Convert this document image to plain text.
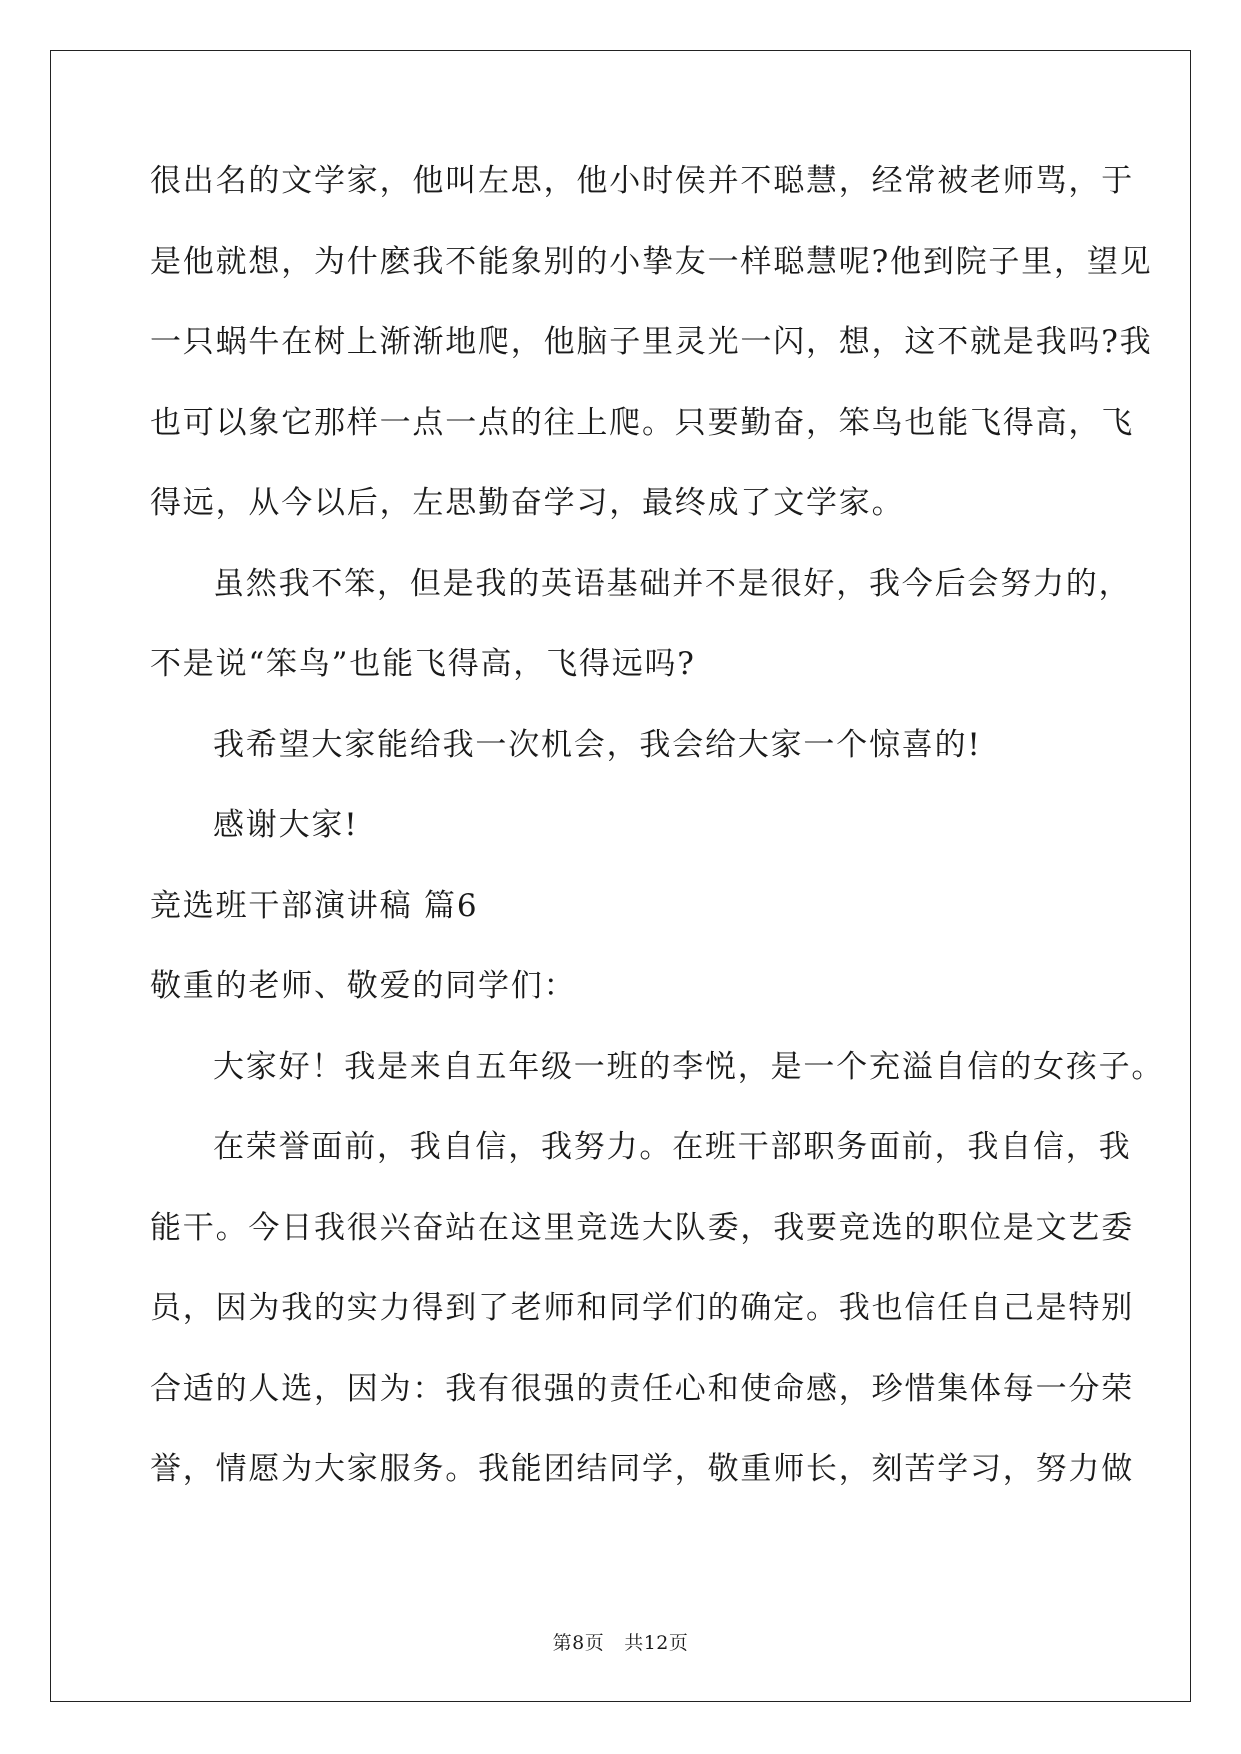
很出名的文学家，他叫左思，他小时侯并不聪慧，经常被老师骂，于
是他就想，为什麽我不能象别的小挚友一样聪慧呢?他到院子里，望见
一只蜗牛在树上渐渐地爬，他脑子里灵光一闪，想，这不就是我吗?我
也可以象它那样一点一点的往上爬。只要勤奋，笨鸟也能飞得高，飞
得远，从今以后，左思勤奋学习，最终成了文学家。
虽然我不笨，但是我的英语基础并不是很好，我今后会努力的，
不是说“笨鸟”也能飞得高，飞得远吗?
我希望大家能给我一次机会，我会给大家一个惊喜的!
感谢大家!
竞选班干部演讲稿 篇6
敬重的老师、敬爱的同学们：
大家好！我是来自五年级一班的李悦，是一个充溢自信的女孩子。
在荣誉面前，我自信，我努力。在班干部职务面前，我自信，我
能干。今日我很兴奋站在这里竞选大队委，我要竞选的职位是文艺委
员，因为我的实力得到了老师和同学们的确定。我也信任自己是特别
合适的人选，因为：我有很强的责任心和使命感，珍惜集体每一分荣
誉，情愿为大家服务。我能团结同学，敬重师长，刻苦学习，努力做
第8页 共12页
